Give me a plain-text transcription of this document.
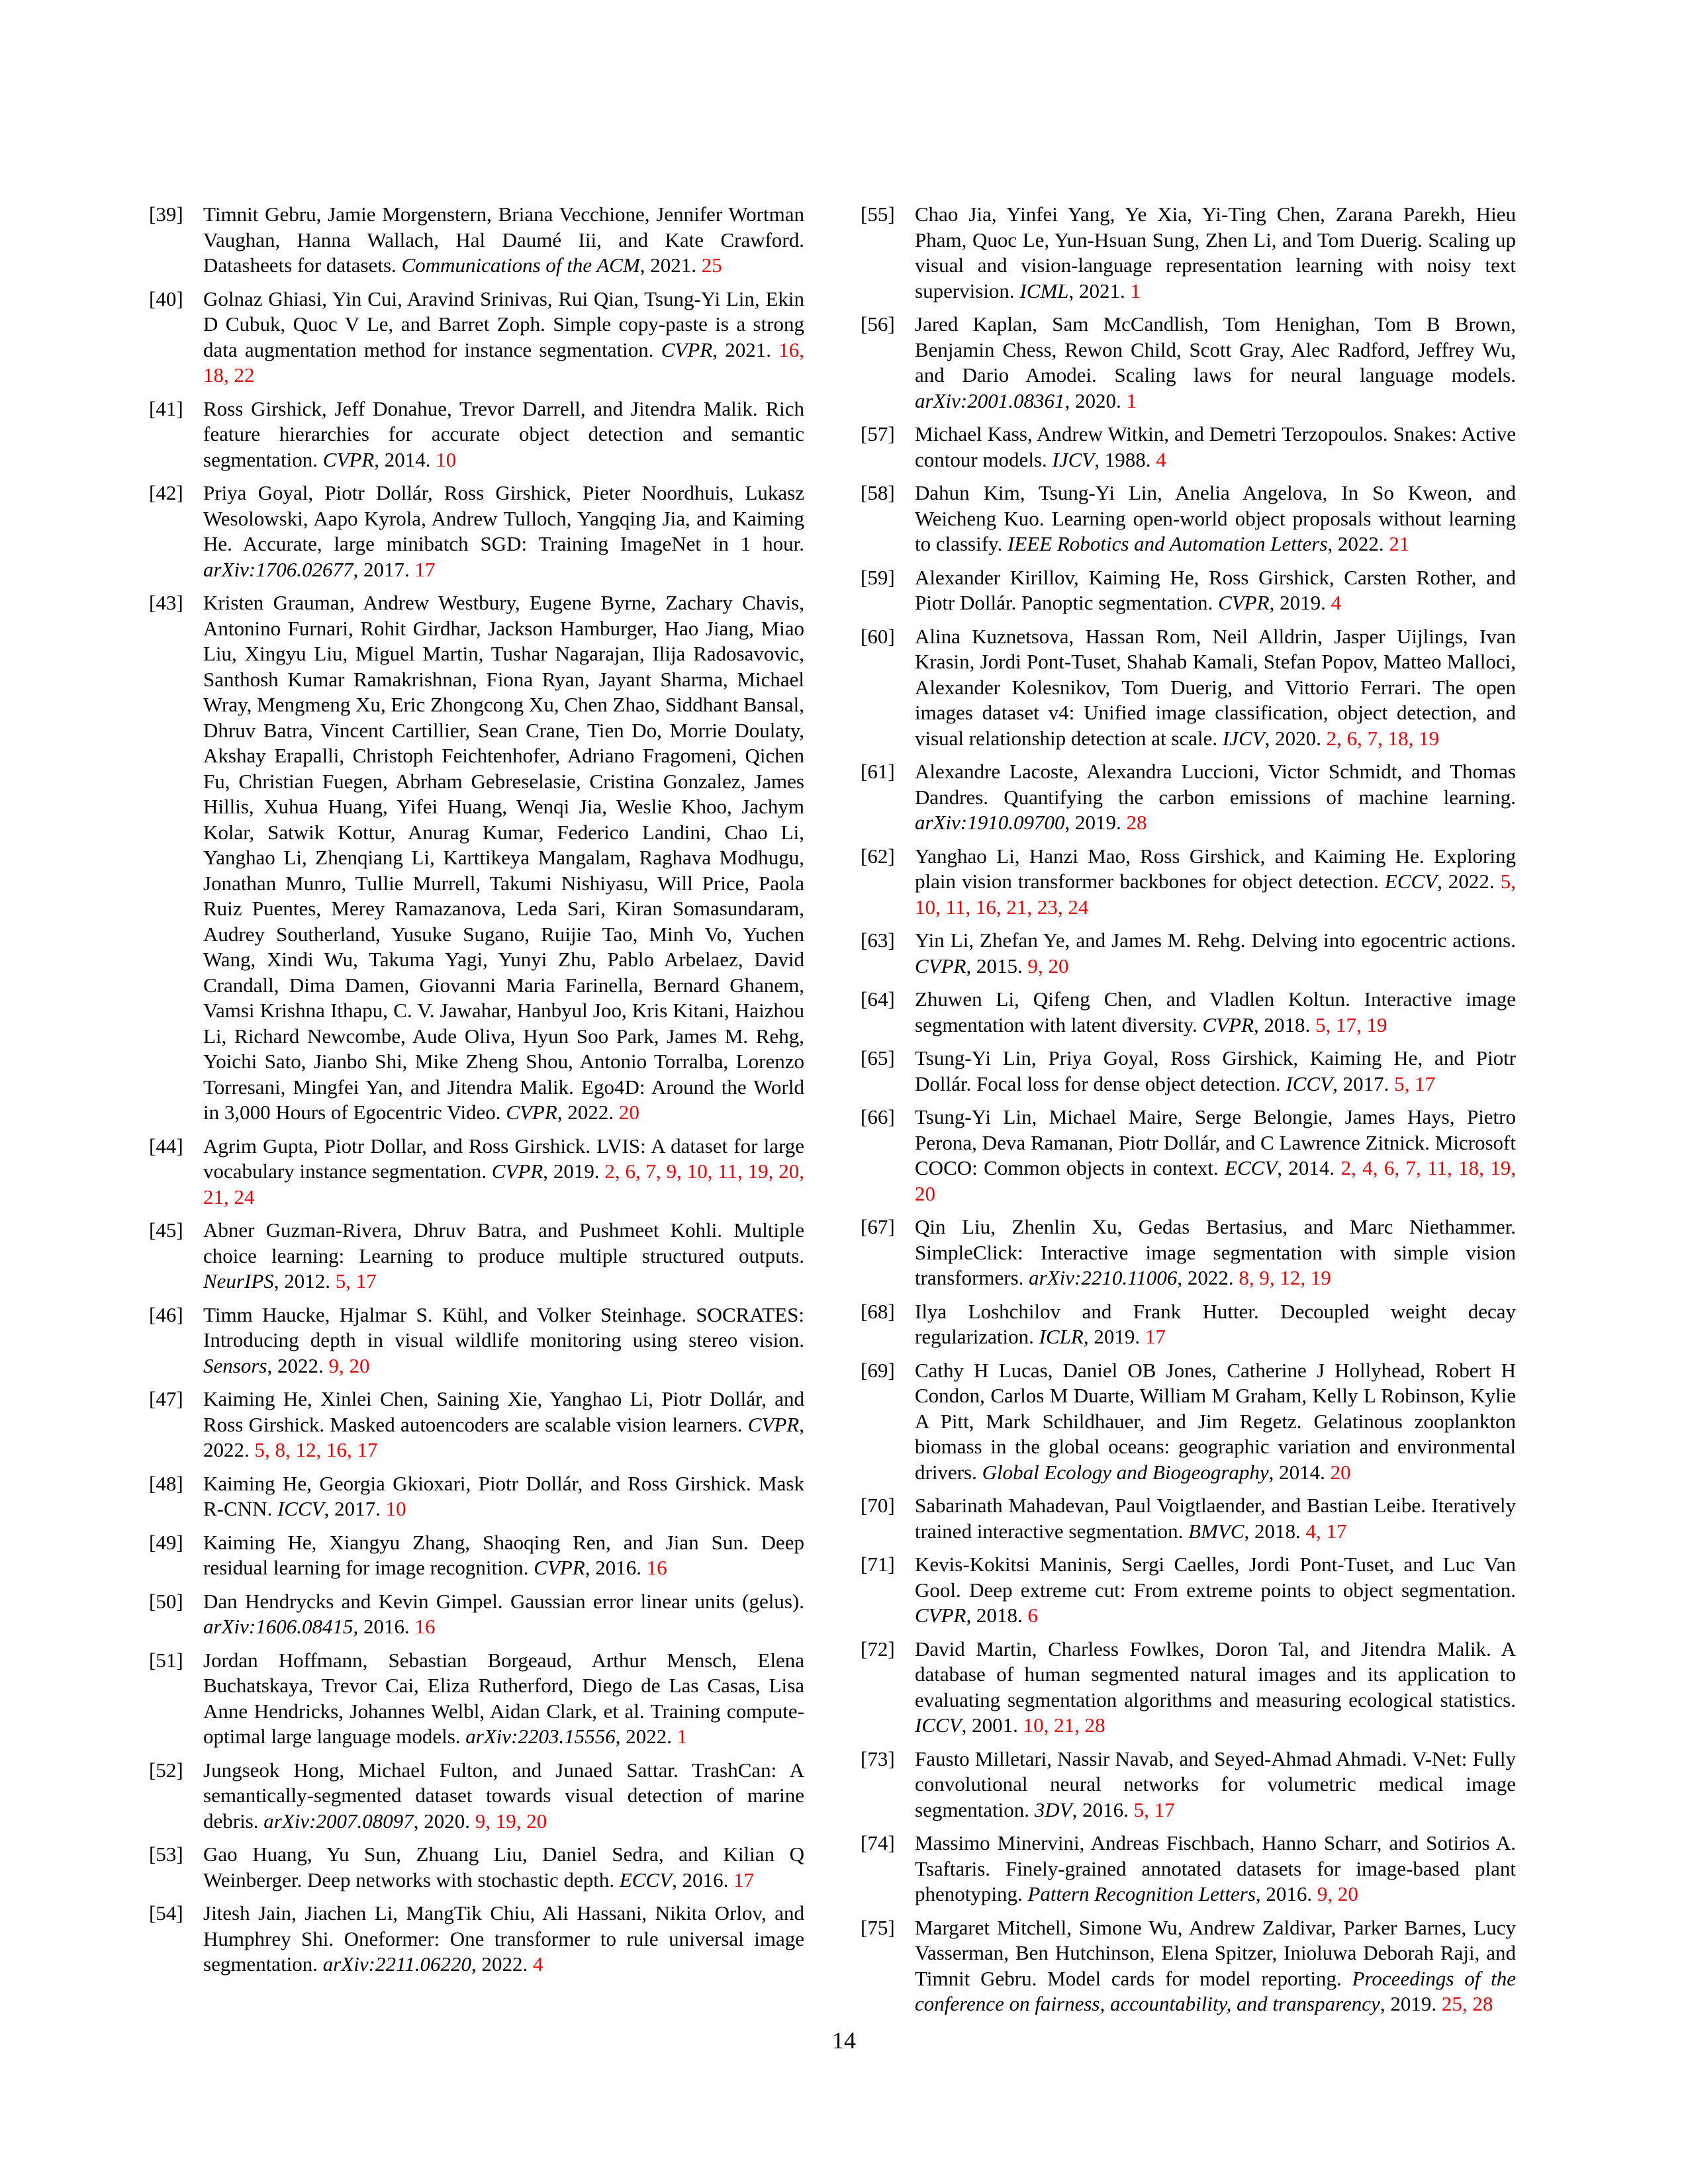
[39] Timnit Gebru, Jamie Morgenstern, Briana Vecchione, Jennifer Wortman Vaughan, Hanna Wallach, Hal Daumé Iii, and Kate Crawford. Datasheets for datasets. Communications of the ACM, 2021. 25
[40] Golnaz Ghiasi, Yin Cui, Aravind Srinivas, Rui Qian, Tsung-Yi Lin, Ekin D Cubuk, Quoc V Le, and Barret Zoph. Simple copy-paste is a strong data augmentation method for instance segmentation. CVPR, 2021. 16, 18, 22
[41] Ross Girshick, Jeff Donahue, Trevor Darrell, and Jitendra Malik. Rich feature hierarchies for accurate object detection and semantic segmentation. CVPR, 2014. 10
[42] Priya Goyal, Piotr Dollár, Ross Girshick, Pieter Noordhuis, Lukasz Wesolowski, Aapo Kyrola, Andrew Tulloch, Yangqing Jia, and Kaiming He. Accurate, large minibatch SGD: Training ImageNet in 1 hour. arXiv:1706.02677, 2017. 17
[43] Kristen Grauman, Andrew Westbury, Eugene Byrne, Zachary Chavis, Antonino Furnari, Rohit Girdhar, Jackson Hamburger, Hao Jiang, Miao Liu, Xingyu Liu, Miguel Martin, Tushar Nagarajan, Ilija Radosavovic, Santhosh Kumar Ramakrishnan, Fiona Ryan, Jayant Sharma, Michael Wray, Mengmeng Xu, Eric Zhongcong Xu, Chen Zhao, Siddhant Bansal, Dhruv Batra, Vincent Cartillier, Sean Crane, Tien Do, Morrie Doulaty, Akshay Erapalli, Christoph Feichtenhofer, Adriano Fragomeni, Qichen Fu, Christian Fuegen, Abrham Gebreselasie, Cristina Gonzalez, James Hillis, Xuhua Huang, Yifei Huang, Wenqi Jia, Weslie Khoo, Jachym Kolar, Satwik Kottur, Anurag Kumar, Federico Landini, Chao Li, Yanghao Li, Zhenqiang Li, Karttikeya Mangalam, Raghava Modhugu, Jonathan Munro, Tullie Murrell, Takumi Nishiyasu, Will Price, Paola Ruiz Puentes, Merey Ramazanova, Leda Sari, Kiran Somasundaram, Audrey Southerland, Yusuke Sugano, Ruijie Tao, Minh Vo, Yuchen Wang, Xindi Wu, Takuma Yagi, Yunyi Zhu, Pablo Arbelaez, David Crandall, Dima Damen, Giovanni Maria Farinella, Bernard Ghanem, Vamsi Krishna Ithapu, C. V. Jawahar, Hanbyul Joo, Kris Kitani, Haizhou Li, Richard Newcombe, Aude Oliva, Hyun Soo Park, James M. Rehg, Yoichi Sato, Jianbo Shi, Mike Zheng Shou, Antonio Torralba, Lorenzo Torresani, Mingfei Yan, and Jitendra Malik. Ego4D: Around the World in 3,000 Hours of Egocentric Video. CVPR, 2022. 20
[44] Agrim Gupta, Piotr Dollar, and Ross Girshick. LVIS: A dataset for large vocabulary instance segmentation. CVPR, 2019. 2, 6, 7, 9, 10, 11, 19, 20, 21, 24
[45] Abner Guzman-Rivera, Dhruv Batra, and Pushmeet Kohli. Multiple choice learning: Learning to produce multiple structured outputs. NeurIPS, 2012. 5, 17
[46] Timm Haucke, Hjalmar S. Kühl, and Volker Steinhage. SOCRATES: Introducing depth in visual wildlife monitoring using stereo vision. Sensors, 2022. 9, 20
[47] Kaiming He, Xinlei Chen, Saining Xie, Yanghao Li, Piotr Dollár, and Ross Girshick. Masked autoencoders are scalable vision learners. CVPR, 2022. 5, 8, 12, 16, 17
[48] Kaiming He, Georgia Gkioxari, Piotr Dollár, and Ross Girshick. Mask R-CNN. ICCV, 2017. 10
[49] Kaiming He, Xiangyu Zhang, Shaoqing Ren, and Jian Sun. Deep residual learning for image recognition. CVPR, 2016. 16
[50] Dan Hendrycks and Kevin Gimpel. Gaussian error linear units (gelus). arXiv:1606.08415, 2016. 16
[51] Jordan Hoffmann, Sebastian Borgeaud, Arthur Mensch, Elena Buchatskaya, Trevor Cai, Eliza Rutherford, Diego de Las Casas, Lisa Anne Hendricks, Johannes Welbl, Aidan Clark, et al. Training compute-optimal large language models. arXiv:2203.15556, 2022. 1
[52] Jungseok Hong, Michael Fulton, and Junaed Sattar. TrashCan: A semantically-segmented dataset towards visual detection of marine debris. arXiv:2007.08097, 2020. 9, 19, 20
[53] Gao Huang, Yu Sun, Zhuang Liu, Daniel Sedra, and Kilian Q Weinberger. Deep networks with stochastic depth. ECCV, 2016. 17
[54] Jitesh Jain, Jiachen Li, MangTik Chiu, Ali Hassani, Nikita Orlov, and Humphrey Shi. Oneformer: One transformer to rule universal image segmentation. arXiv:2211.06220, 2022. 4
[55] Chao Jia, Yinfei Yang, Ye Xia, Yi-Ting Chen, Zarana Parekh, Hieu Pham, Quoc Le, Yun-Hsuan Sung, Zhen Li, and Tom Duerig. Scaling up visual and vision-language representation learning with noisy text supervision. ICML, 2021. 1
[56] Jared Kaplan, Sam McCandlish, Tom Henighan, Tom B Brown, Benjamin Chess, Rewon Child, Scott Gray, Alec Radford, Jeffrey Wu, and Dario Amodei. Scaling laws for neural language models. arXiv:2001.08361, 2020. 1
[57] Michael Kass, Andrew Witkin, and Demetri Terzopoulos. Snakes: Active contour models. IJCV, 1988. 4
[58] Dahun Kim, Tsung-Yi Lin, Anelia Angelova, In So Kweon, and Weicheng Kuo. Learning open-world object proposals without learning to classify. IEEE Robotics and Automation Letters, 2022. 21
[59] Alexander Kirillov, Kaiming He, Ross Girshick, Carsten Rother, and Piotr Dollár. Panoptic segmentation. CVPR, 2019. 4
[60] Alina Kuznetsova, Hassan Rom, Neil Alldrin, Jasper Uijlings, Ivan Krasin, Jordi Pont-Tuset, Shahab Kamali, Stefan Popov, Matteo Malloci, Alexander Kolesnikov, Tom Duerig, and Vittorio Ferrari. The open images dataset v4: Unified image classification, object detection, and visual relationship detection at scale. IJCV, 2020. 2, 6, 7, 18, 19
[61] Alexandre Lacoste, Alexandra Luccioni, Victor Schmidt, and Thomas Dandres. Quantifying the carbon emissions of machine learning. arXiv:1910.09700, 2019. 28
[62] Yanghao Li, Hanzi Mao, Ross Girshick, and Kaiming He. Exploring plain vision transformer backbones for object detection. ECCV, 2022. 5, 10, 11, 16, 21, 23, 24
[63] Yin Li, Zhefan Ye, and James M. Rehg. Delving into egocentric actions. CVPR, 2015. 9, 20
[64] Zhuwen Li, Qifeng Chen, and Vladlen Koltun. Interactive image segmentation with latent diversity. CVPR, 2018. 5, 17, 19
[65] Tsung-Yi Lin, Priya Goyal, Ross Girshick, Kaiming He, and Piotr Dollár. Focal loss for dense object detection. ICCV, 2017. 5, 17
[66] Tsung-Yi Lin, Michael Maire, Serge Belongie, James Hays, Pietro Perona, Deva Ramanan, Piotr Dollár, and C Lawrence Zitnick. Microsoft COCO: Common objects in context. ECCV, 2014. 2, 4, 6, 7, 11, 18, 19, 20
[67] Qin Liu, Zhenlin Xu, Gedas Bertasius, and Marc Niethammer. SimpleClick: Interactive image segmentation with simple vision transformers. arXiv:2210.11006, 2022. 8, 9, 12, 19
[68] Ilya Loshchilov and Frank Hutter. Decoupled weight decay regularization. ICLR, 2019. 17
[69] Cathy H Lucas, Daniel OB Jones, Catherine J Hollyhead, Robert H Condon, Carlos M Duarte, William M Graham, Kelly L Robinson, Kylie A Pitt, Mark Schildhauer, and Jim Regetz. Gelatinous zooplankton biomass in the global oceans: geographic variation and environmental drivers. Global Ecology and Biogeography, 2014. 20
[70] Sabarinath Mahadevan, Paul Voigtlaender, and Bastian Leibe. Iteratively trained interactive segmentation. BMVC, 2018. 4, 17
[71] Kevis-Kokitsi Maninis, Sergi Caelles, Jordi Pont-Tuset, and Luc Van Gool. Deep extreme cut: From extreme points to object segmentation. CVPR, 2018. 6
[72] David Martin, Charless Fowlkes, Doron Tal, and Jitendra Malik. A database of human segmented natural images and its application to evaluating segmentation algorithms and measuring ecological statistics. ICCV, 2001. 10, 21, 28
[73] Fausto Milletari, Nassir Navab, and Seyed-Ahmad Ahmadi. V-Net: Fully convolutional neural networks for volumetric medical image segmentation. 3DV, 2016. 5, 17
[74] Massimo Minervini, Andreas Fischbach, Hanno Scharr, and Sotirios A. Tsaftaris. Finely-grained annotated datasets for image-based plant phenotyping. Pattern Recognition Letters, 2016. 9, 20
[75] Margaret Mitchell, Simone Wu, Andrew Zaldivar, Parker Barnes, Lucy Vasserman, Ben Hutchinson, Elena Spitzer, Inioluwa Deborah Raji, and Timnit Gebru. Model cards for model reporting. Proceedings of the conference on fairness, accountability, and transparency, 2019. 25, 28
14
